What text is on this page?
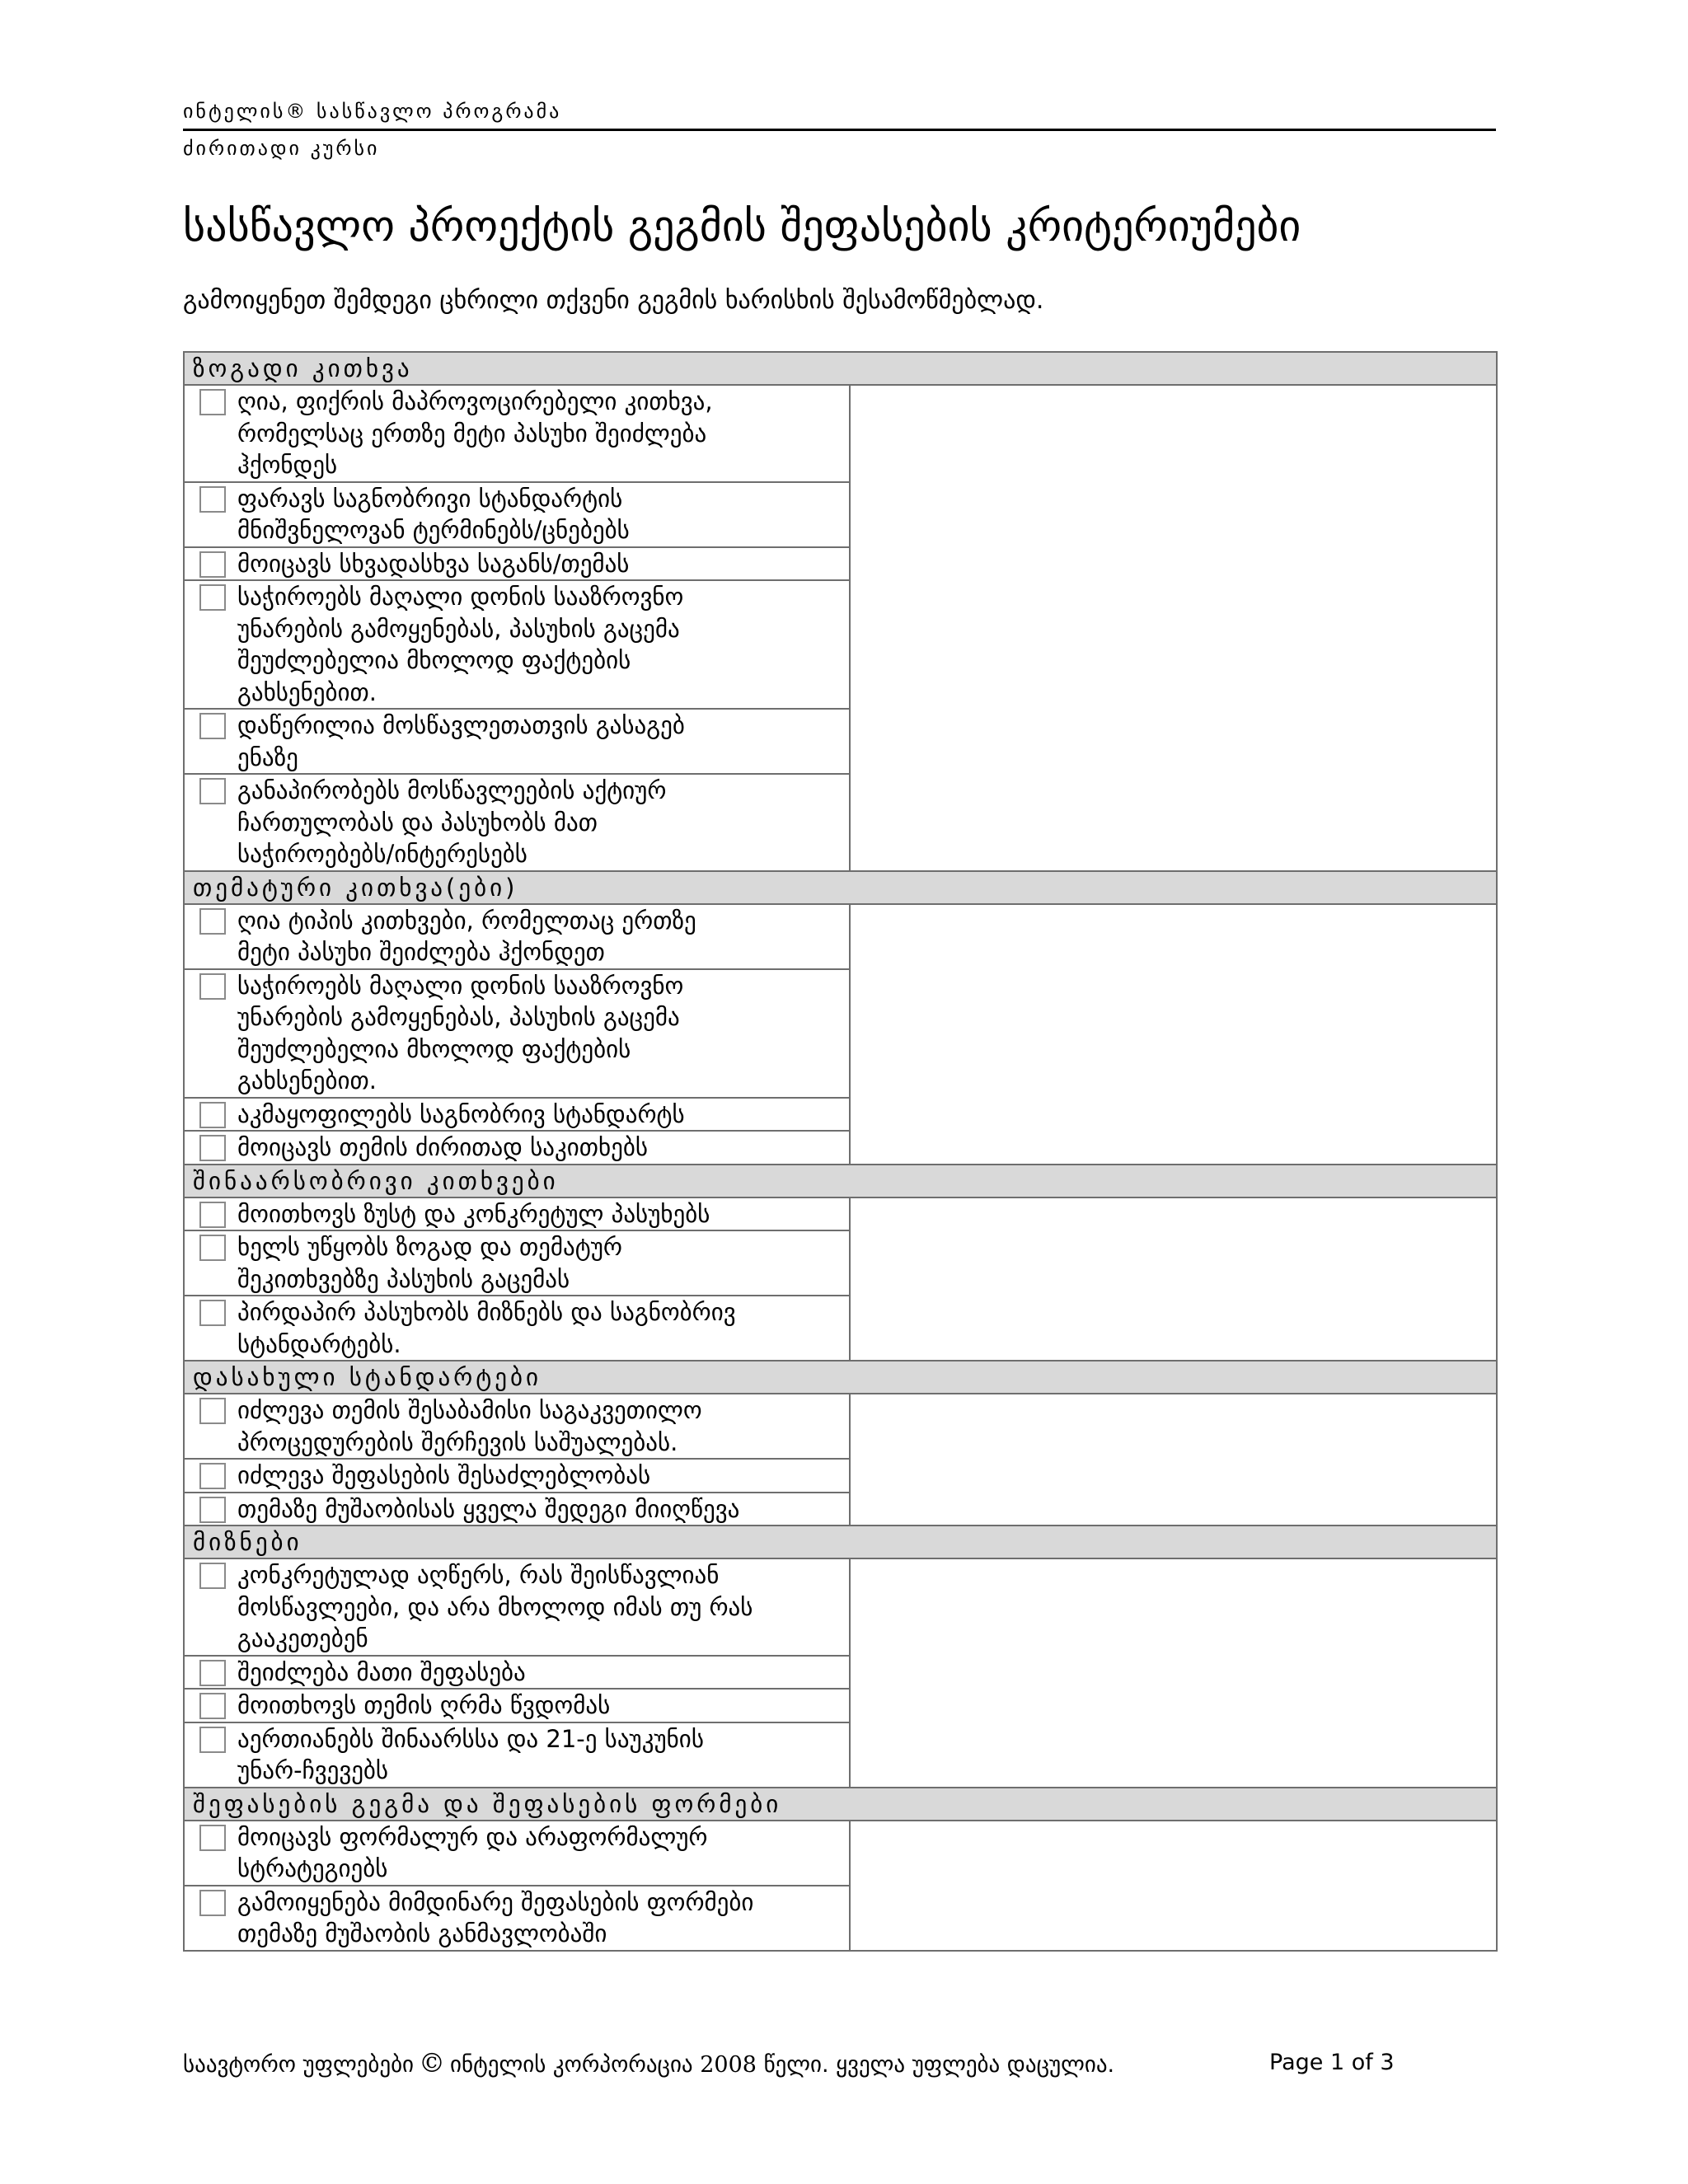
ინტელის® სასწავლო პროგრამა
ძირითადი კურსი
სასწავლო პროექტის გეგმის შეფასების კრიტერიუმები
გამოიყენეთ შემდეგი ცხრილი თქვენი გეგმის ხარისხის შესამოწმებლად.
ზოგადი კითხვა	

ღია, ფიქრის მაპროვოცირებელი კითხვა,
რომელსაც ერთზე მეტი პასუხი შეიძლება
ჰქონდეს	

ფარავს საგნობრივი სტანდარტის
მნიშვნელოვან ტერმინებს/ცნებებს	

მოიცავს სხვადასხვა საგანს/თემას	

საჭიროებს მაღალი დონის სააზროვნო
უნარების გამოყენებას, პასუხის გაცემა
შეუძლებელია მხოლოდ ფაქტების
გახსენებით.	

დაწერილია მოსწავლეთათვის გასაგებ
ენაზე	

განაპირობებს მოსწავლეების აქტიურ
ჩართულობას და პასუხობს მათ
საჭიროებებს/ინტერესებს	

თემატური კითხვა(ები)	

ღია ტიპის კითხვები, რომელთაც ერთზე
მეტი პასუხი შეიძლება ჰქონდეთ	

საჭიროებს მაღალი დონის სააზროვნო
უნარების გამოყენებას, პასუხის გაცემა
შეუძლებელია მხოლოდ ფაქტების
გახსენებით.	

აკმაყოფილებს საგნობრივ სტანდარტს	

მოიცავს თემის ძირითად საკითხებს	

შინაარსობრივი კითხვები	

მოითხოვს ზუსტ და კონკრეტულ პასუხებს	

ხელს უწყობს ზოგად და თემატურ
შეკითხვებზე პასუხის გაცემას	

პირდაპირ პასუხობს მიზნებს და საგნობრივ
სტანდარტებს.	

დასახული სტანდარტები	

იძლევა თემის შესაბამისი საგაკვეთილო
პროცედურების შერჩევის საშუალებას.	

იძლევა შეფასების შესაძლებლობას	

თემაზე მუშაობისას ყველა შედეგი მიიღწევა	

მიზნები	

კონკრეტულად აღწერს, რას შეისწავლიან
მოსწავლეები, და არა მხოლოდ იმას თუ რას
გააკეთებენ	

შეიძლება მათი შეფასება	

მოითხოვს თემის ღრმა წვდომას	

აერთიანებს შინაარსსა და 21-ე საუკუნის
უნარ-ჩვევებს	

შეფასების გეგმა და შეფასების ფორმები	

მოიცავს ფორმალურ და არაფორმალურ
სტრატეგიებს	

გამოიყენება მიმდინარე შეფასების ფორმები
თემაზე მუშაობის განმავლობაში	
საავტორო უფლებები © ინტელის კორპორაცია 2008 წელი. ყველა უფლება დაცულია.	Page 1 of 3
